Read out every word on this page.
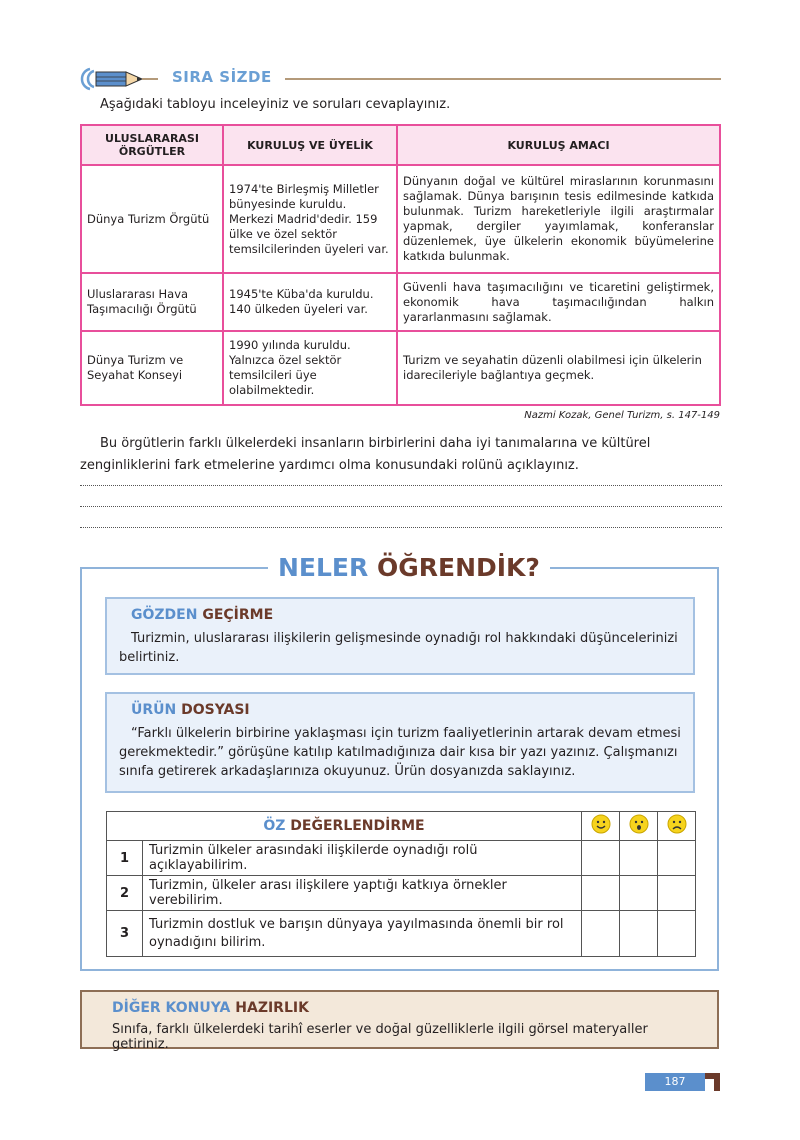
SIRA SİZDE
Aşağıdaki tabloyu inceleyiniz ve soruları cevaplayınız.
ULUSLARARASI ÖRGÜTLER	KURULUŞ VE ÜYELİK	KURULUŞ AMACI
Dünya Turizm Örgütü	1974'te Birleşmiş Milletler bünyesinde kuruldu. Merkezi Madrid'dedir. 159 ülke ve özel sektör temsilcilerinden üyeleri var.	Dünyanın doğal ve kültürel miraslarının korunmasını sağlamak. Dünya barışının tesis edilmesinde katkıda bulunmak. Turizm hareketleriyle ilgili araştırmalar yapmak, dergiler yayımlamak, konferanslar düzenlemek, üye ülkelerin ekonomik büyümelerine katkıda bulunmak.
Uluslararası Hava Taşımacılığı Örgütü	1945'te Küba'da kuruldu. 140 ülkeden üyeleri var.	Güvenli hava taşımacılığını ve ticaretini geliştirmek, ekonomik hava taşımacılığından halkın yararlanmasını sağlamak.
Dünya Turizm ve Seyahat Konseyi	1990 yılında kuruldu. Yalnızca özel sektör temsilcileri üye olabilmektedir.	Turizm ve seyahatin düzenli olabilmesi için ülkelerin idarecileriyle bağlantıya geçmek.
Nazmi Kozak, Genel Turizm, s. 147-149
Bu örgütlerin farklı ülkelerdeki insanların birbirlerini daha iyi tanımalarına ve kültürel zenginliklerini fark etmelerine yardımcı olma konusundaki rolünü açıklayınız.
NELER ÖĞRENDİK?
GÖZDEN GEÇİRME
Turizmin, uluslararası ilişkilerin gelişmesinde oynadığı rol hakkındaki düşüncelerinizi belirtiniz.
ÜRÜN DOSYASI
“Farklı ülkelerin birbirine yaklaşması için turizm faaliyetlerinin artarak devam etmesi gerekmektedir.” görüşüne katılıp katılmadığınıza dair kısa bir yazı yazınız. Çalışmanızı sınıfa getirerek arkadaşlarınıza okuyunuz. Ürün dosyanızda saklayınız.
ÖZ DEĞERLENDİRME			
1	Turizmin ülkeler arasındaki ilişkilerde oynadığı rolü açıklayabilirim.			
2	Turizmin, ülkeler arası ilişkilere yaptığı katkıya örnekler verebilirim.			
3	Turizmin dostluk ve barışın dünyaya yayılmasında önemli bir rol oynadığını bilirim.			
DİĞER KONUYA HAZIRLIK
Sınıfa, farklı ülkelerdeki tarihî eserler ve doğal güzelliklerle ilgili görsel materyaller getiriniz.
187
